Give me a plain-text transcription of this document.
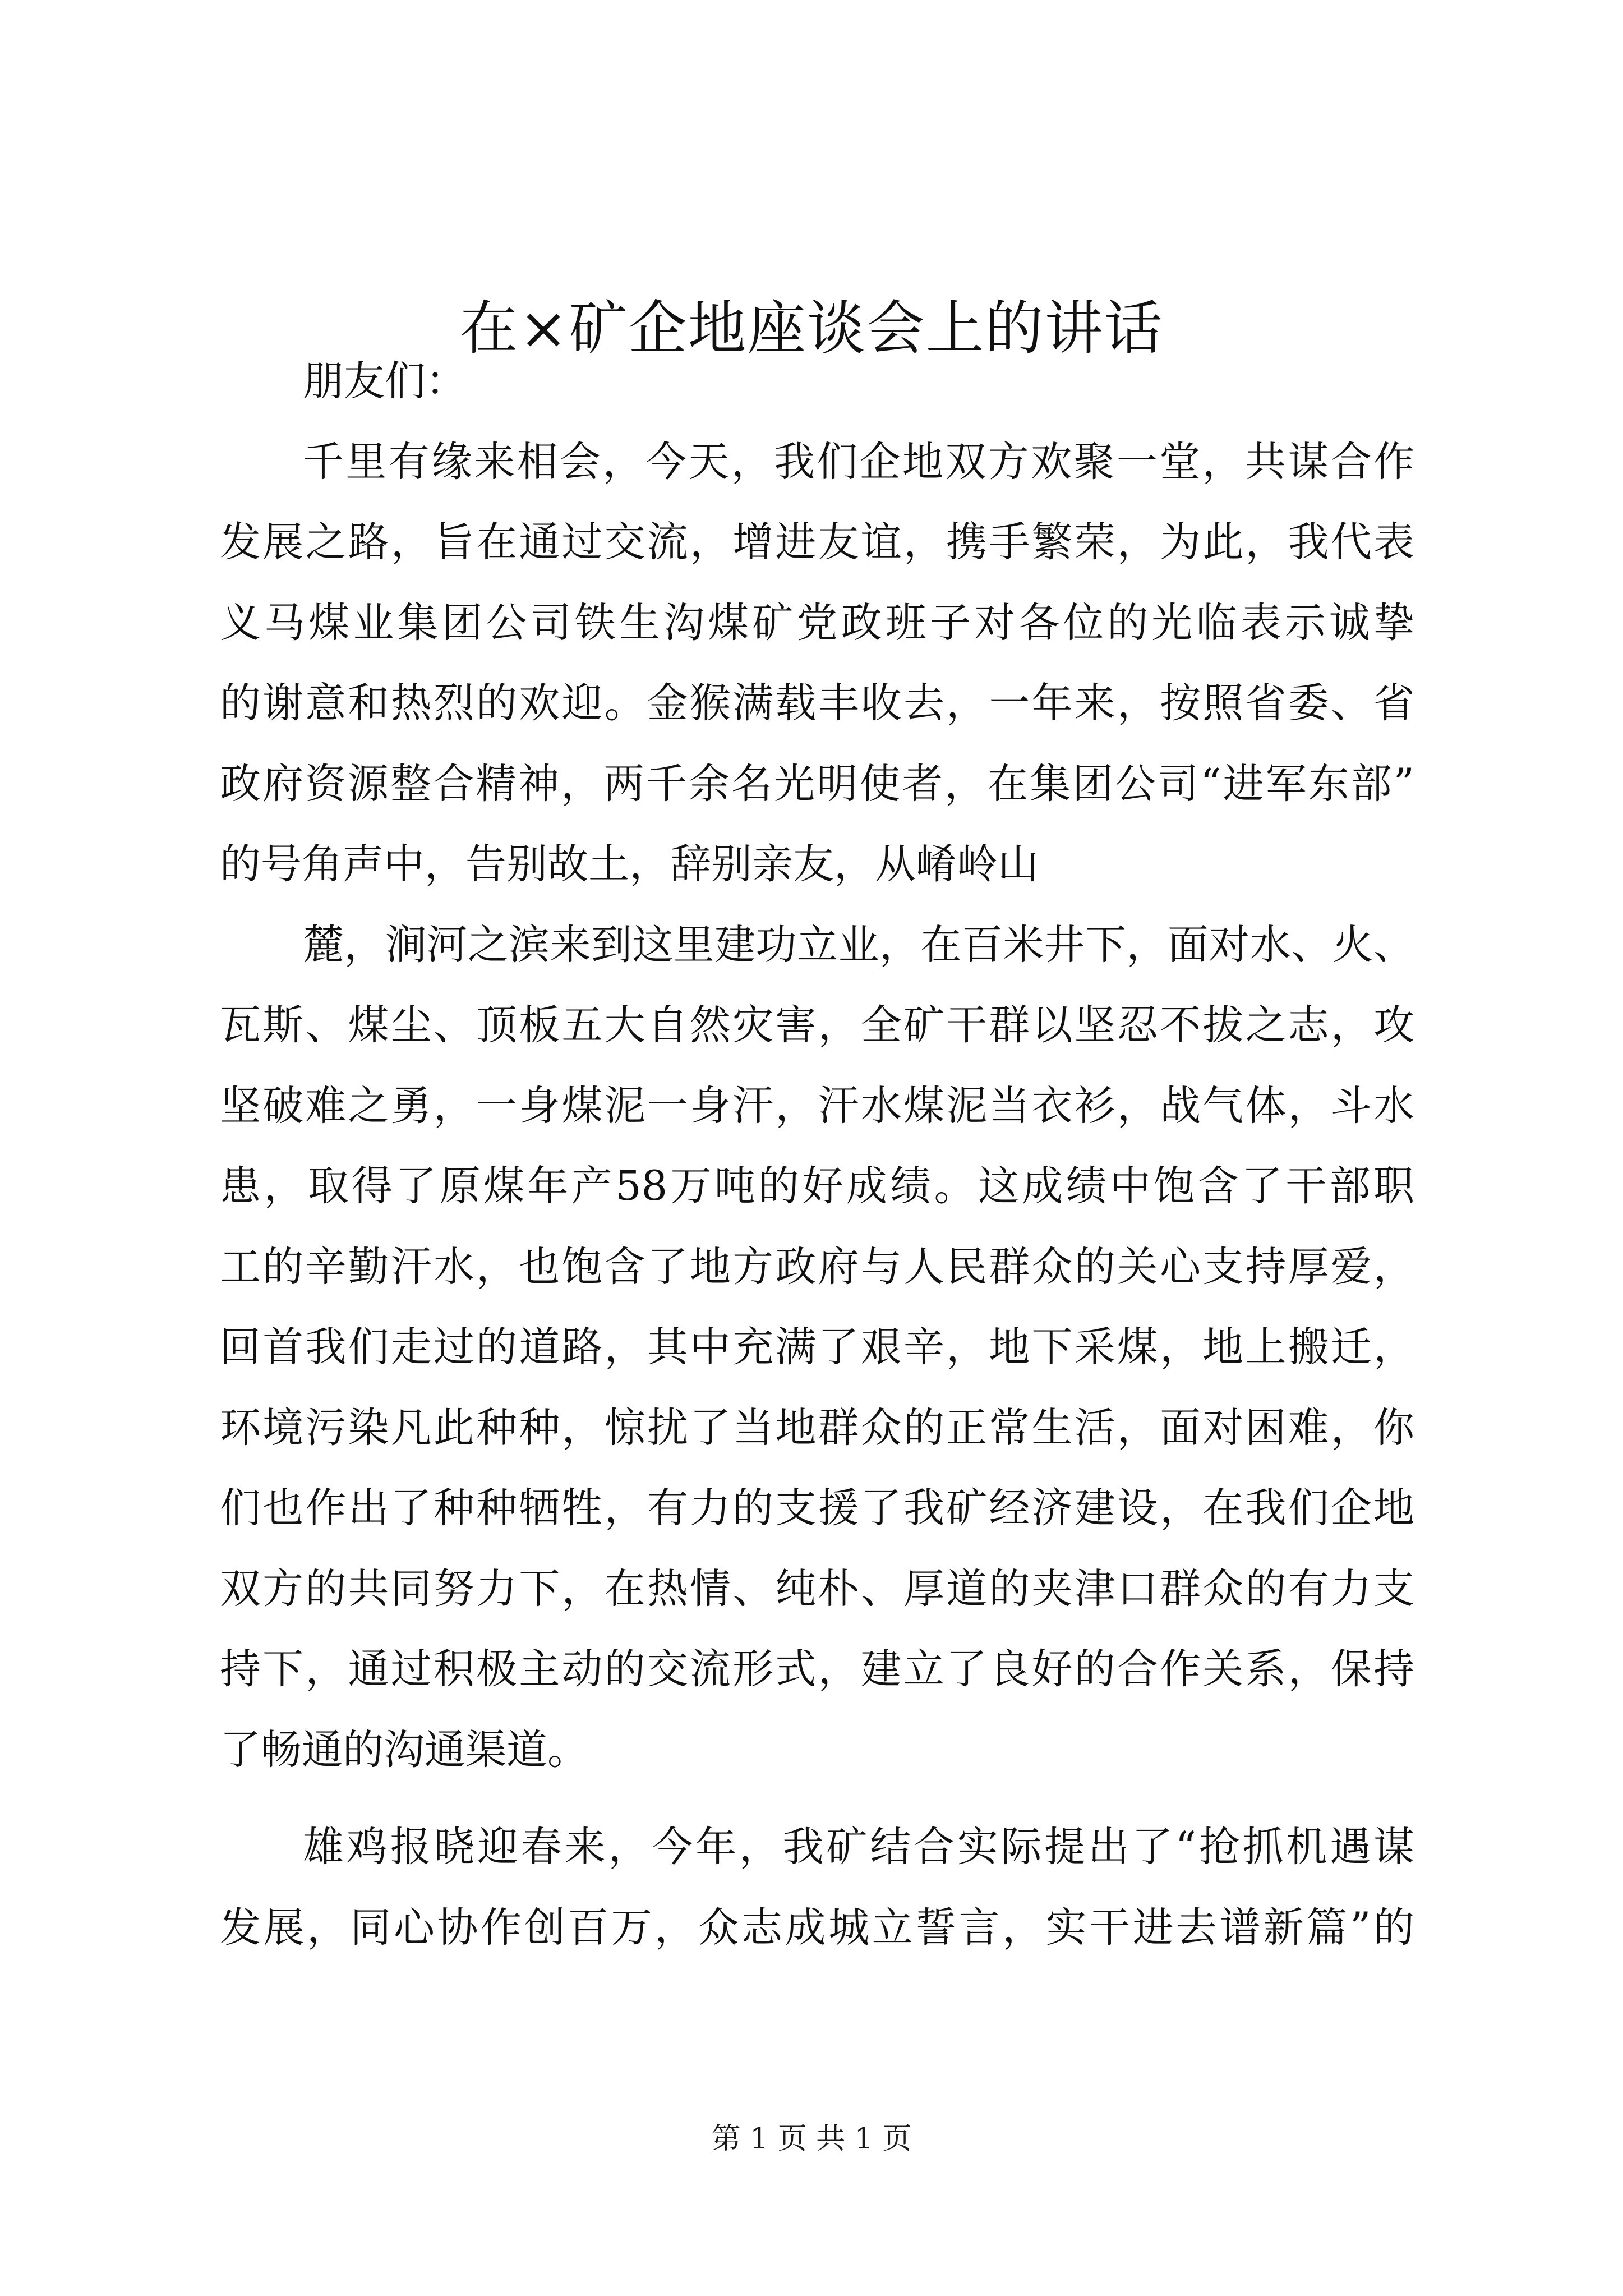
在×矿企地座谈会上的讲话
朋友们：
千里有缘来相会，今天，我们企地双方欢聚一堂，共谋合作
发展之路，旨在通过交流，增进友谊，携手繁荣，为此，我代表
义马煤业集团公司铁生沟煤矿党政班子对各位的光临表示诚挚
的谢意和热烈的欢迎。金猴满载丰收去，一年来，按照省委、省
政府资源整合精神，两千余名光明使者，在集团公司“进军东部”
的号角声中，告别故土，辞别亲友，从崤岭山
麓，涧河之滨来到这里建功立业，在百米井下，面对水、火、
瓦斯、煤尘、顶板五大自然灾害，全矿干群以坚忍不拔之志，攻
坚破难之勇，一身煤泥一身汗，汗水煤泥当衣衫，战气体，斗水
患，取得了原煤年产58万吨的好成绩。这成绩中饱含了干部职
工的辛勤汗水，也饱含了地方政府与人民群众的关心支持厚爱，
回首我们走过的道路，其中充满了艰辛，地下采煤，地上搬迁，
环境污染凡此种种，惊扰了当地群众的正常生活，面对困难，你
们也作出了种种牺牲，有力的支援了我矿经济建设，在我们企地
双方的共同努力下，在热情、纯朴、厚道的夹津口群众的有力支
持下，通过积极主动的交流形式，建立了良好的合作关系，保持
了畅通的沟通渠道。
雄鸡报晓迎春来，今年，我矿结合实际提出了“抢抓机遇谋
发展，同心协作创百万，众志成城立誓言，实干进去谱新篇”的
第 1 页 共 1 页
